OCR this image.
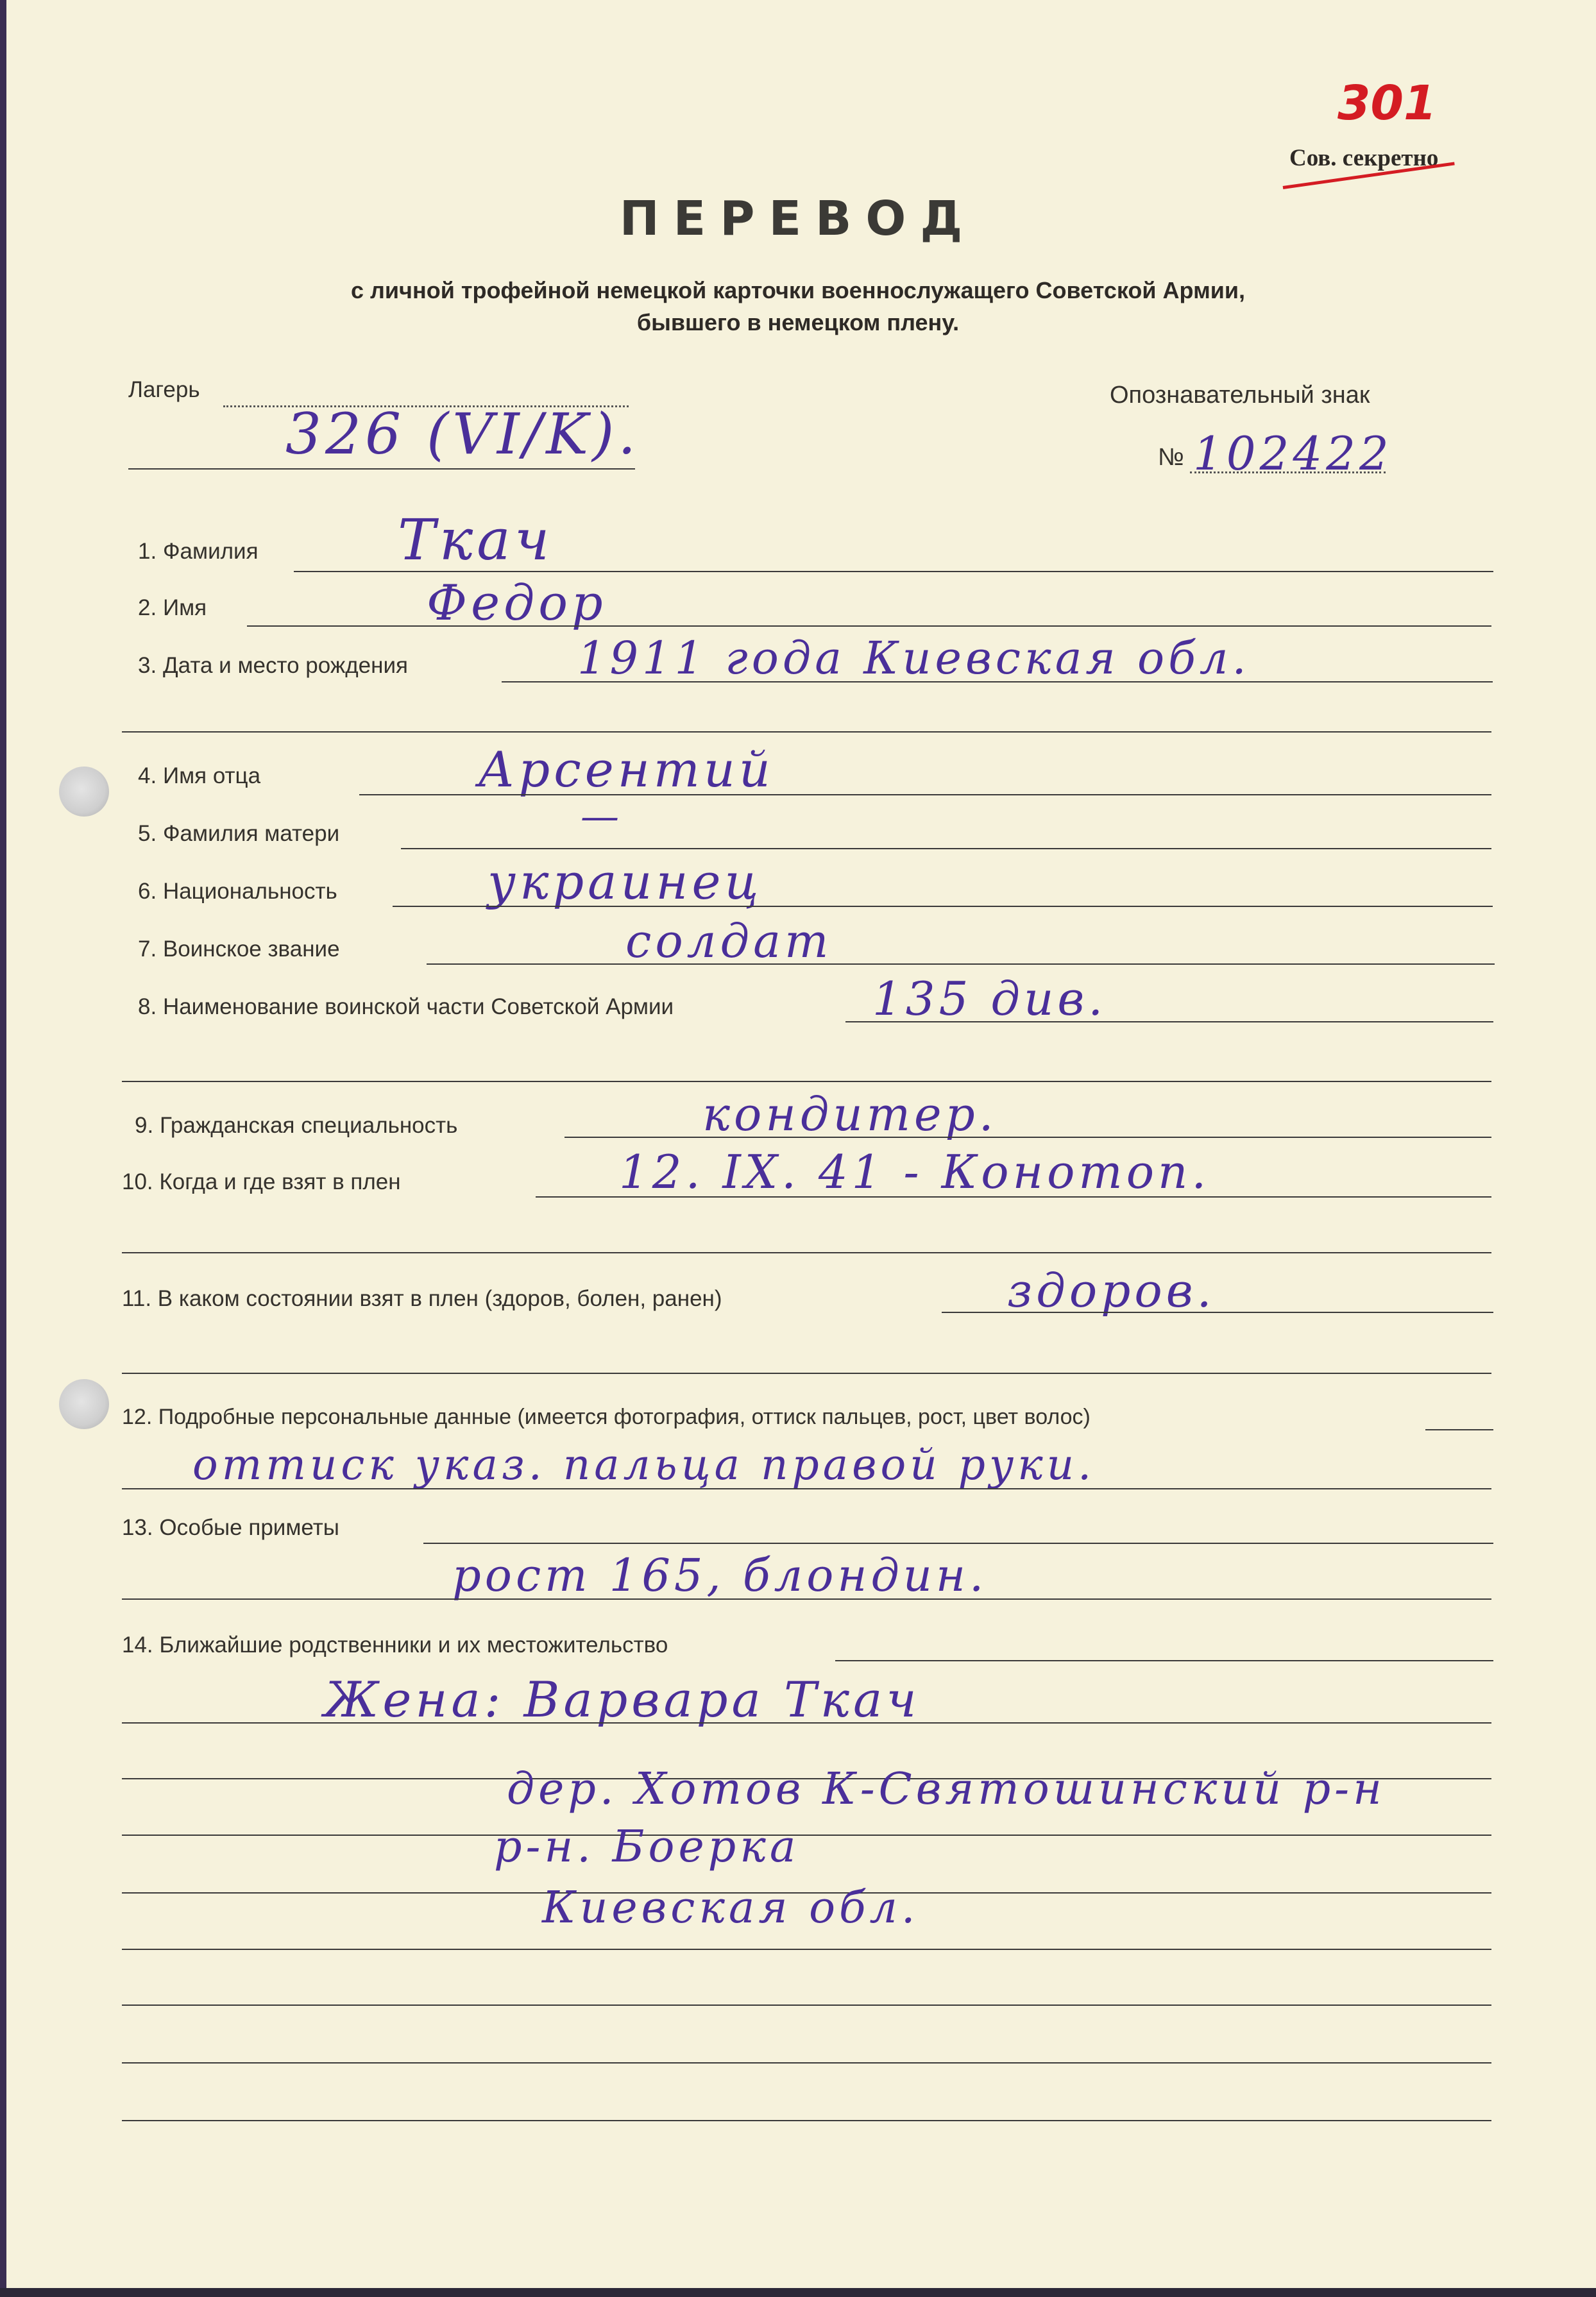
301
Сов. секретно
ПЕРЕВОД
с личной трофейной немецкой карточки военнослужащего Советской Армии,
бывшего в немецком плену.
Лагерь
326 (VI/K).
Опознавательный знак
№ 102422
1. Фамилия Ткач
2. Имя	Федор
3. Дата и место рождения	1911 года Киевская обл.
4. Имя отца	Арсентий
5. Фамилия матери	—
6. Национальность	украинец
7. Воинское звание	солдат
8. Наименование воинской части Советской Армии	135 див.
9. Гражданская специальность	кондитер.
10. Когда и где взят в плен	12. IX. 41 - Конотоп.
11. В каком состоянии взят в плен (здоров, болен, ранен)	здоров.
12. Подробные персональные данные (имеется фотография, оттиск пальцев, рост, цвет волос)
оттиск указ. пальца правой руки.
13. Особые приметы
рост 165, блондин.
14. Ближайшие родственники и их местожительство
Жена: Варвара Ткач
дер. Хотов К-Святошинский р-н
р-н. Боерка
Киевская обл.
